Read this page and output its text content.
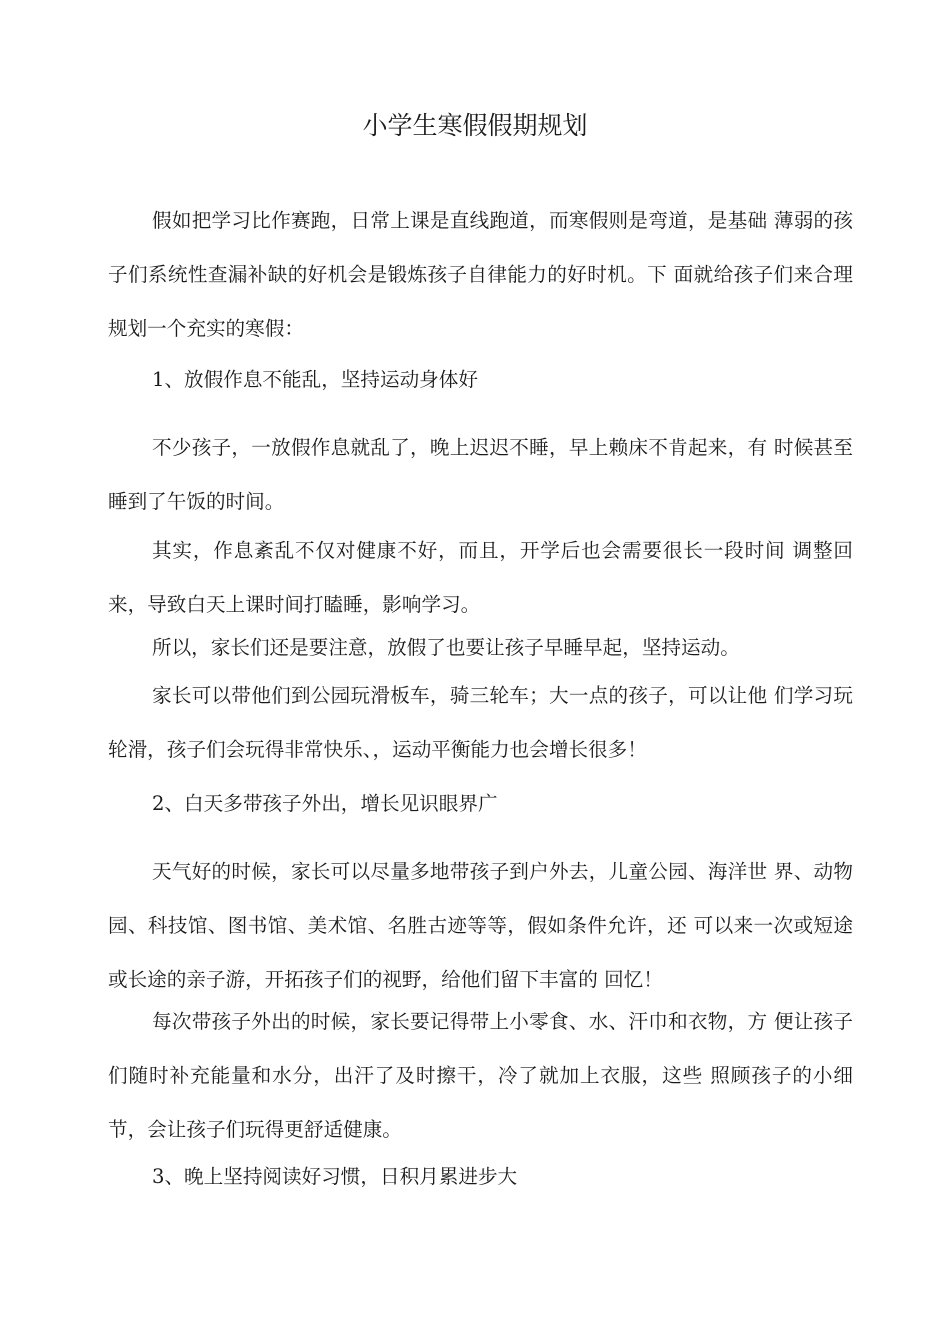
小学生寒假假期规划

假如把学习比作赛跑，日常上课是直线跑道，而寒假则是弯道，是基础 薄弱的孩子们系统性查漏补缺的好机会是锻炼孩子自律能力的好时机。下 面就给孩子们来合理规划一个充实的寒假：

1、放假作息不能乱，坚持运动身体好

不少孩子，一放假作息就乱了，晚上迟迟不睡，早上赖床不肯起来，有 时候甚至睡到了午饭的时间。

其实，作息紊乱不仅对健康不好，而且，开学后也会需要很长一段时间 调整回来，导致白天上课时间打瞌睡，影响学习。

所以，家长们还是要注意，放假了也要让孩子早睡早起，坚持运动。

家长可以带他们到公园玩滑板车，骑三轮车；大一点的孩子，可以让他 们学习玩轮滑，孩子们会玩得非常快乐、，运动平衡能力也会增长很多！

2、白天多带孩子外出，增长见识眼界广

天气好的时候，家长可以尽量多地带孩子到户外去，儿童公园、海洋世 界、动物园、科技馆、图书馆、美术馆、名胜古迹等等，假如条件允许，还 可以来一次或短途或长途的亲子游，开拓孩子们的视野，给他们留下丰富的 回忆！

每次带孩子外出的时候，家长要记得带上小零食、水、汗巾和衣物，方 便让孩子们随时补充能量和水分，出汗了及时擦干，冷了就加上衣服，这些 照顾孩子的小细节，会让孩子们玩得更舒适健康。

3、晚上坚持阅读好习惯，日积月累进步大
